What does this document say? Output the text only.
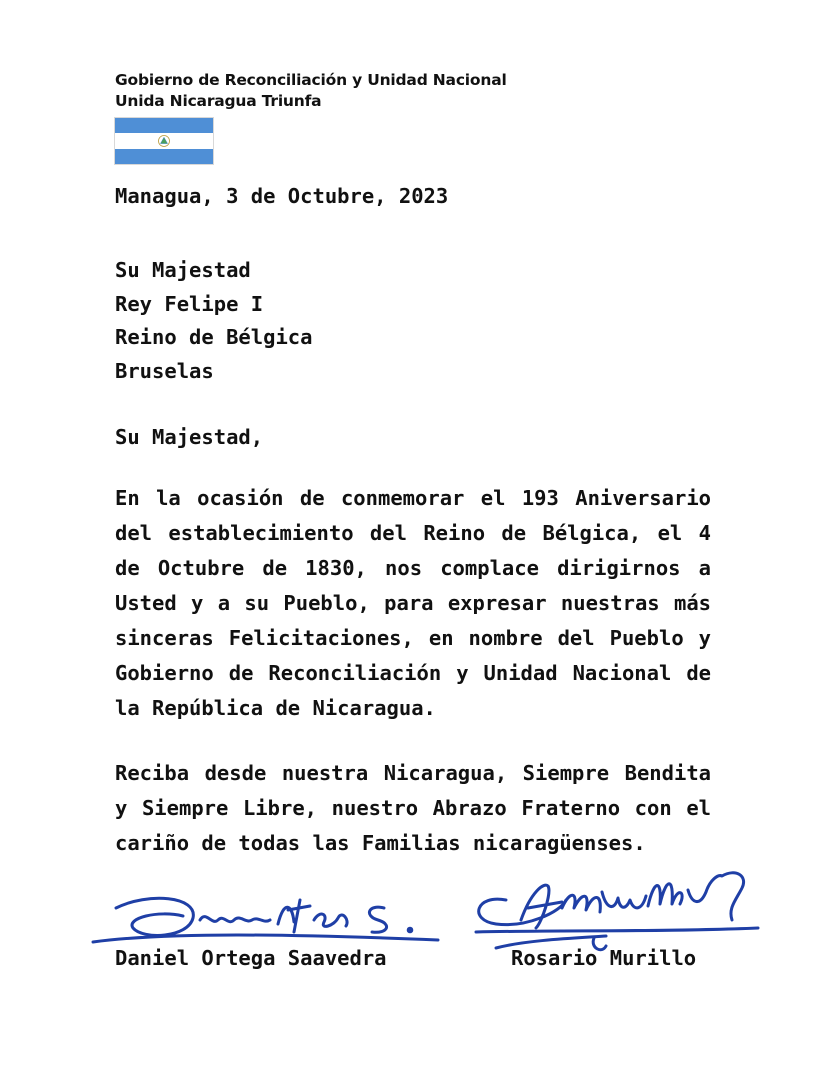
Gobierno de Reconciliación y Unidad Nacional
Unida Nicaragua Triunfa
Managua, 3 de Octubre, 2023
Su Majestad
Rey Felipe I
Reino de Bélgica
Bruselas
Su Majestad,

En la ocasión de conmemorar el 193 Aniversario del establecimiento del Reino de Bélgica, el 4 de Octubre de 1830, nos complace dirigirnos a Usted y a su Pueblo, para expresar nuestras más sinceras Felicitaciones, en nombre del Pueblo y Gobierno de Reconciliación y Unidad Nacional de la República de Nicaragua.

Reciba desde nuestra Nicaragua, Siempre Bendita y Siempre Libre, nuestro Abrazo Fraterno con el cariño de todas las Familias nicaragüenses.

Daniel Ortega Saavedra	Rosario Murillo
